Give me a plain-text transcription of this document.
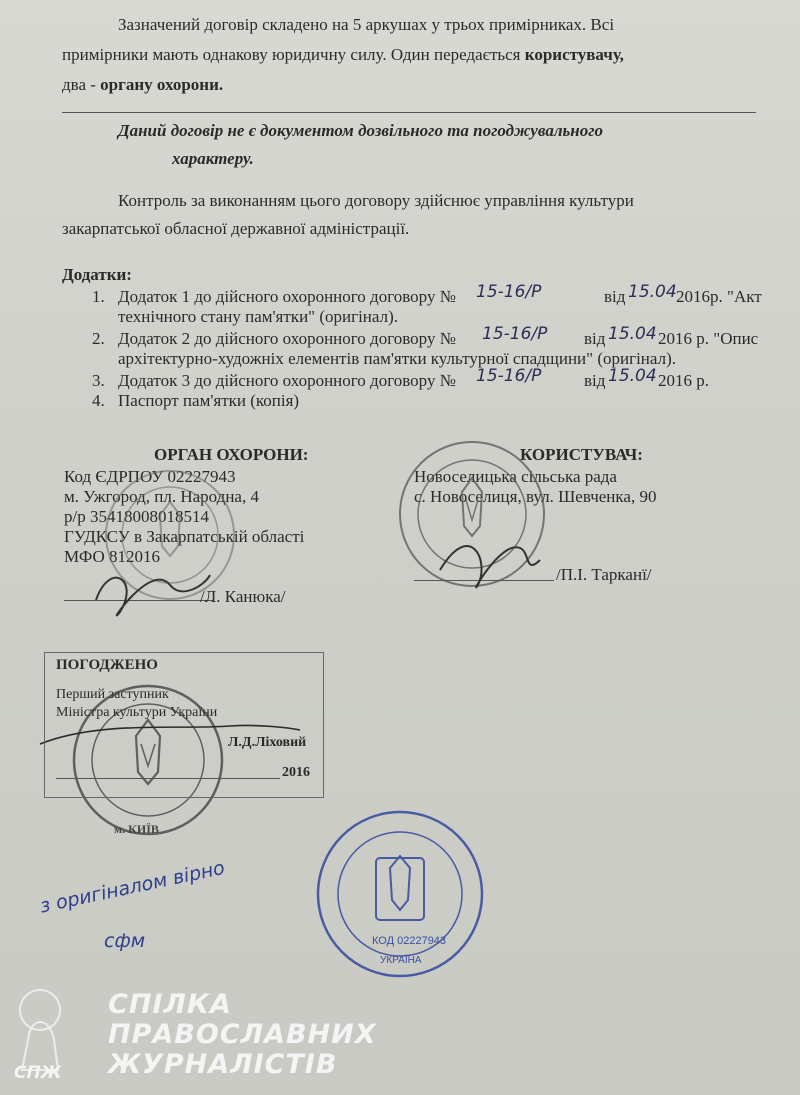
Зазначений договір складено на 5 аркушах у трьох примірниках. Всі
примірники мають однакову юридичну силу. Один передається користувачу,
два - органу охорони.
Даний договір не є документом дозвільного та погоджувального
характеру.
Контроль за виконанням цього договору здійснює управління культури
закарпатської обласної державної адміністрації.
Додатки:
1. Додаток 1 до дійсного охоронного договору № 15-16/Р	від 15.04 2016р. "Акт
технічного стану пам'ятки" (оригінал).
2. Додаток 2 до дійсного охоронного договору № 15-16/Р від 15.04 2016 р. "Опис
архітектурно-художніх елементів пам'ятки культурної спадщини" (оригінал).
3. Додаток 3 до дійсного охоронного договору № 15-16/Р	від 15.04 2016 р.
4. Паспорт пам'ятки (копія)
ОРГАН ОХОРОНИ:
Код ЄДРПОУ 02227943
м. Ужгород, пл. Народна, 4
р/р 35418008018514
ГУДКСУ в Закарпатській області
МФО 812016
/Л. Канюка/
КОРИСТУВАЧ:
Новоселицька сільська рада
с. Новоселиця, вул. Шевченка, 90
/П.І. Тарканї/
КОД 02227943
УКРАЇНА
м. КИЇВ
ПОГОДЖЕНО
Перший заступник
Міністра культури України
Л.Д.Ліховий
2016
з оригіналом вірно
сфм
СПІЛКА
ПРАВОСЛАВНИХ
ЖУРНАЛІСТІВ
СПЖ
